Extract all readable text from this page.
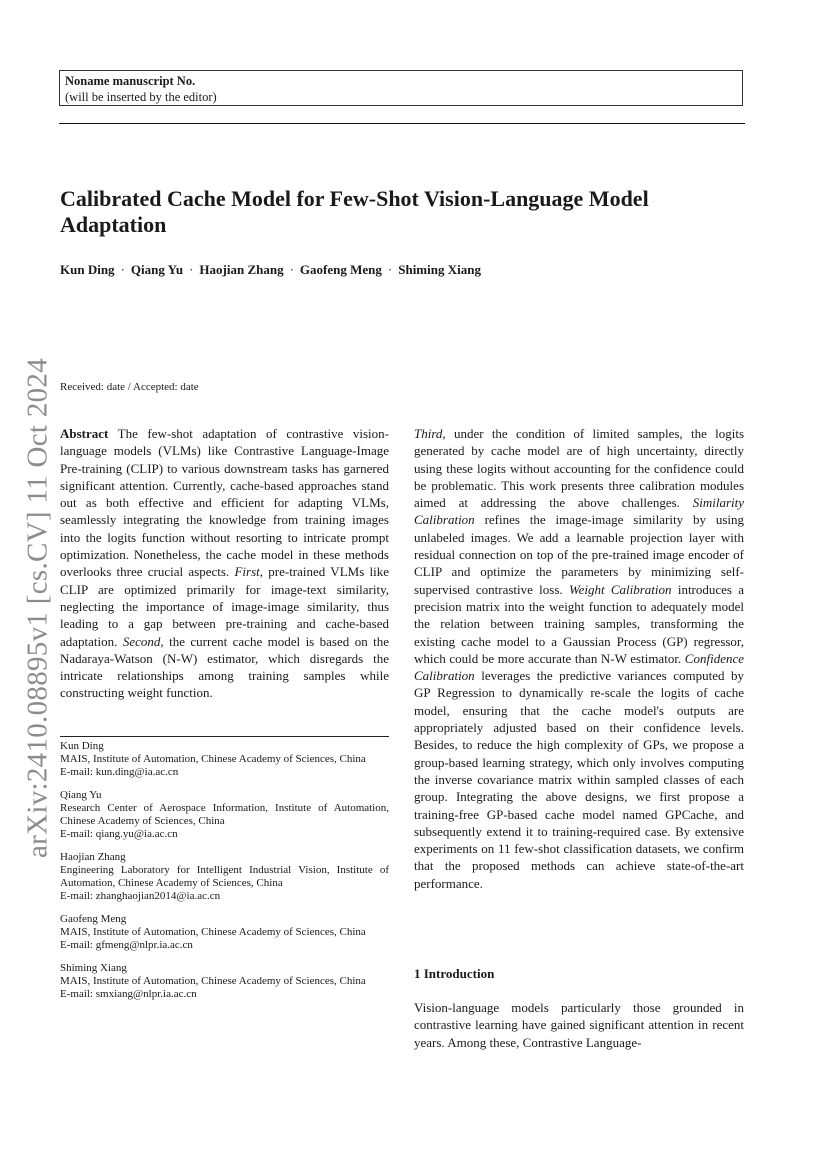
Noname manuscript No.
(will be inserted by the editor)
Calibrated Cache Model for Few-Shot Vision-Language Model
Adaptation
Kun Ding · Qiang Yu · Haojian Zhang · Gaofeng Meng · Shiming Xiang
arXiv:2410.08895v1 [cs.CV] 11 Oct 2024 Received: date / Accepted: date

Abstract The few-shot adaptation of contrastive vision-language models (VLMs) like Contrastive Language-Image Pre-training (CLIP) to various downstream tasks has garnered significant attention. Currently, cache-based approaches stand out as both effective and efficient for adapting VLMs, seamlessly integrating the knowledge from training images into the logits function without resorting to intricate prompt optimization. Nonetheless, the cache model in these methods overlooks three crucial aspects. First, pre-trained VLMs like CLIP are optimized primarily for image-text similarity, neglecting the importance of image-image similarity, thus leading to a gap between pre-training and cache-based adaptation. Second, the current cache model is based on the Nadaraya-Watson (N-W) estimator, which disregards the intricate relationships among training samples while constructing weight function.

Kun Ding
MAIS, Institute of Automation, Chinese Academy of Sciences, China
E-mail: kun.ding@ia.ac.cn
Qiang Yu
Research Center of Aerospace Information, Institute of Automation, Chinese Academy of Sciences, China
E-mail: qiang.yu@ia.ac.cn
Haojian Zhang
Engineering Laboratory for Intelligent Industrial Vision, Institute of Automation, Chinese Academy of Sciences, China
E-mail: zhanghaojian2014@ia.ac.cn
Gaofeng Meng
MAIS, Institute of Automation, Chinese Academy of Sciences, China
E-mail: gfmeng@nlpr.ia.ac.cn
Shiming Xiang
MAIS, Institute of Automation, Chinese Academy of Sciences, China
E-mail: smxiang@nlpr.ia.ac.cn

Third, under the condition of limited samples, the logits generated by cache model are of high uncertainty, directly using these logits without accounting for the confidence could be problematic. This work presents three calibration modules aimed at addressing the above challenges. Similarity Calibration refines the image-image similarity by using unlabeled images. We add a learnable projection layer with residual connection on top of the pre-trained image encoder of CLIP and optimize the parameters by minimizing self-supervised contrastive loss. Weight Calibration introduces a precision matrix into the weight function to adequately model the relation between training samples, transforming the existing cache model to a Gaussian Process (GP) regressor, which could be more accurate than N-W estimator. Confidence Calibration leverages the predictive variances computed by GP Regression to dynamically re-scale the logits of cache model, ensuring that the cache model's outputs are appropriately adjusted based on their confidence levels. Besides, to reduce the high complexity of GPs, we propose a group-based learning strategy, which only involves computing the inverse covariance matrix within sampled classes of each group. Integrating the above designs, we first propose a training-free GP-based cache model named GPCache, and subsequently extend it to training-required case. By extensive experiments on 11 few-shot classification datasets, we confirm that the proposed methods can achieve state-of-the-art performance.

1 Introduction
Vision-language models particularly those grounded in contrastive learning have gained significant attention in recent years. Among these, Contrastive Language-
